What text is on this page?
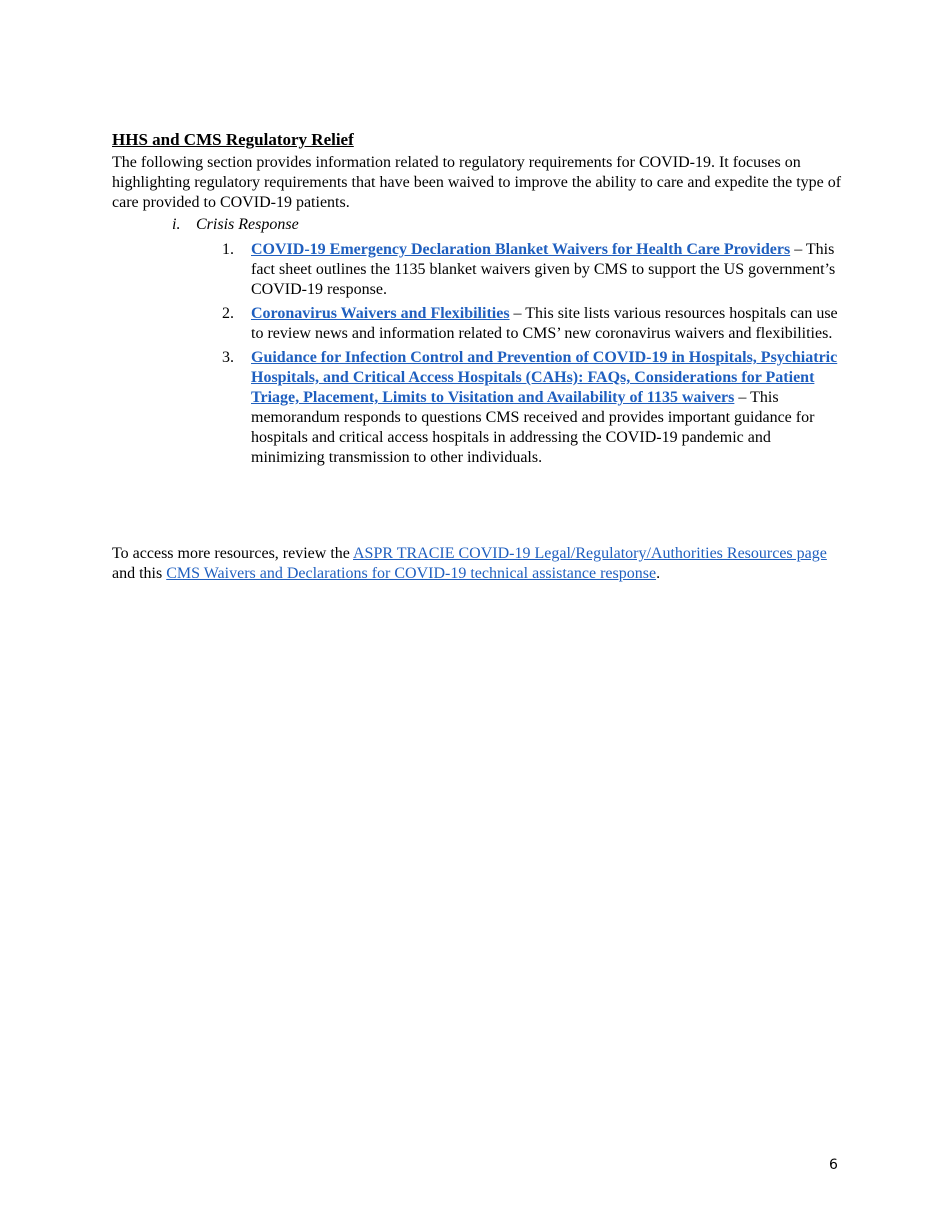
HHS and CMS Regulatory Relief
The following section provides information related to regulatory requirements for COVID-19. It focuses on highlighting regulatory requirements that have been waived to improve the ability to care and expedite the type of care provided to COVID-19 patients.
i. Crisis Response
1. COVID-19 Emergency Declaration Blanket Waivers for Health Care Providers – This fact sheet outlines the 1135 blanket waivers given by CMS to support the US government’s COVID-19 response.
2. Coronavirus Waivers and Flexibilities – This site lists various resources hospitals can use to review news and information related to CMS’ new coronavirus waivers and flexibilities.
3. Guidance for Infection Control and Prevention of COVID-19 in Hospitals, Psychiatric Hospitals, and Critical Access Hospitals (CAHs): FAQs, Considerations for Patient Triage, Placement, Limits to Visitation and Availability of 1135 waivers – This memorandum responds to questions CMS received and provides important guidance for hospitals and critical access hospitals in addressing the COVID-19 pandemic and minimizing transmission to other individuals.
To access more resources, review the ASPR TRACIE COVID-19 Legal/Regulatory/Authorities Resources page and this CMS Waivers and Declarations for COVID-19 technical assistance response.
6
